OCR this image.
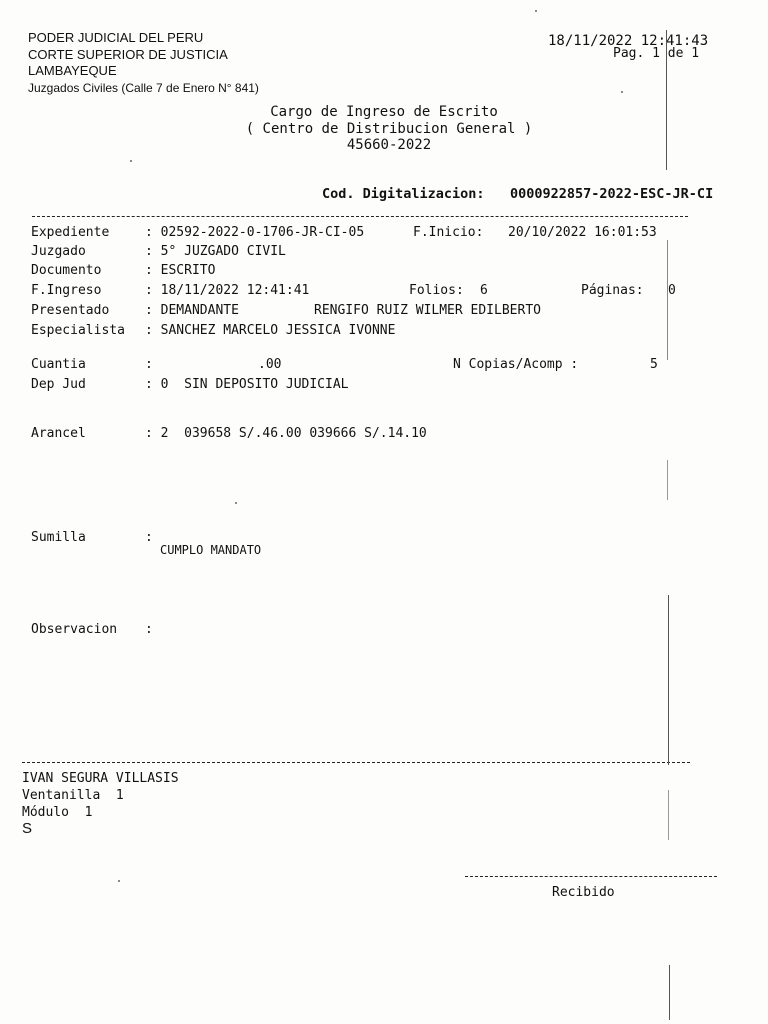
PODER JUDICIAL DEL PERU
CORTE SUPERIOR DE JUSTICIA
LAMBAYEQUE
Juzgados Civiles (Calle 7 de Enero N° 841)
18/11/2022 12:41:43
Pag. 1 de 1
Cargo de Ingreso de Escrito
( Centro de Distribucion General )
45660-2022
Cod. Digitalizacion: 0000922857-2022-ESC-JR-CI
Expediente	: 02592-2022-0-1706-JR-CI-05	F.Inicio: 20/10/2022 16:01:53
Juzgado	: 5° JUZGADO CIVIL
Documento	: ESCRITO
F.Ingreso	: 18/11/2022 12:41:41	Folios: 6	Páginas: 0
Presentado	: DEMANDANTE	RENGIFO RUIZ WILMER EDILBERTO
Especialista : SANCHEZ MARCELO JESSICA IVONNE
Cuantia	:	.00	N Copias/Acomp :	5
Dep Jud	: 0  SIN DEPOSITO JUDICIAL
Arancel	: 2  039658 S/.46.00 039666 S/.14.10
Sumilla	:
CUMPLO MANDATO
Observacion :
IVAN SEGURA VILLASIS
Ventanilla  1
Módulo  1
S
Recibido
